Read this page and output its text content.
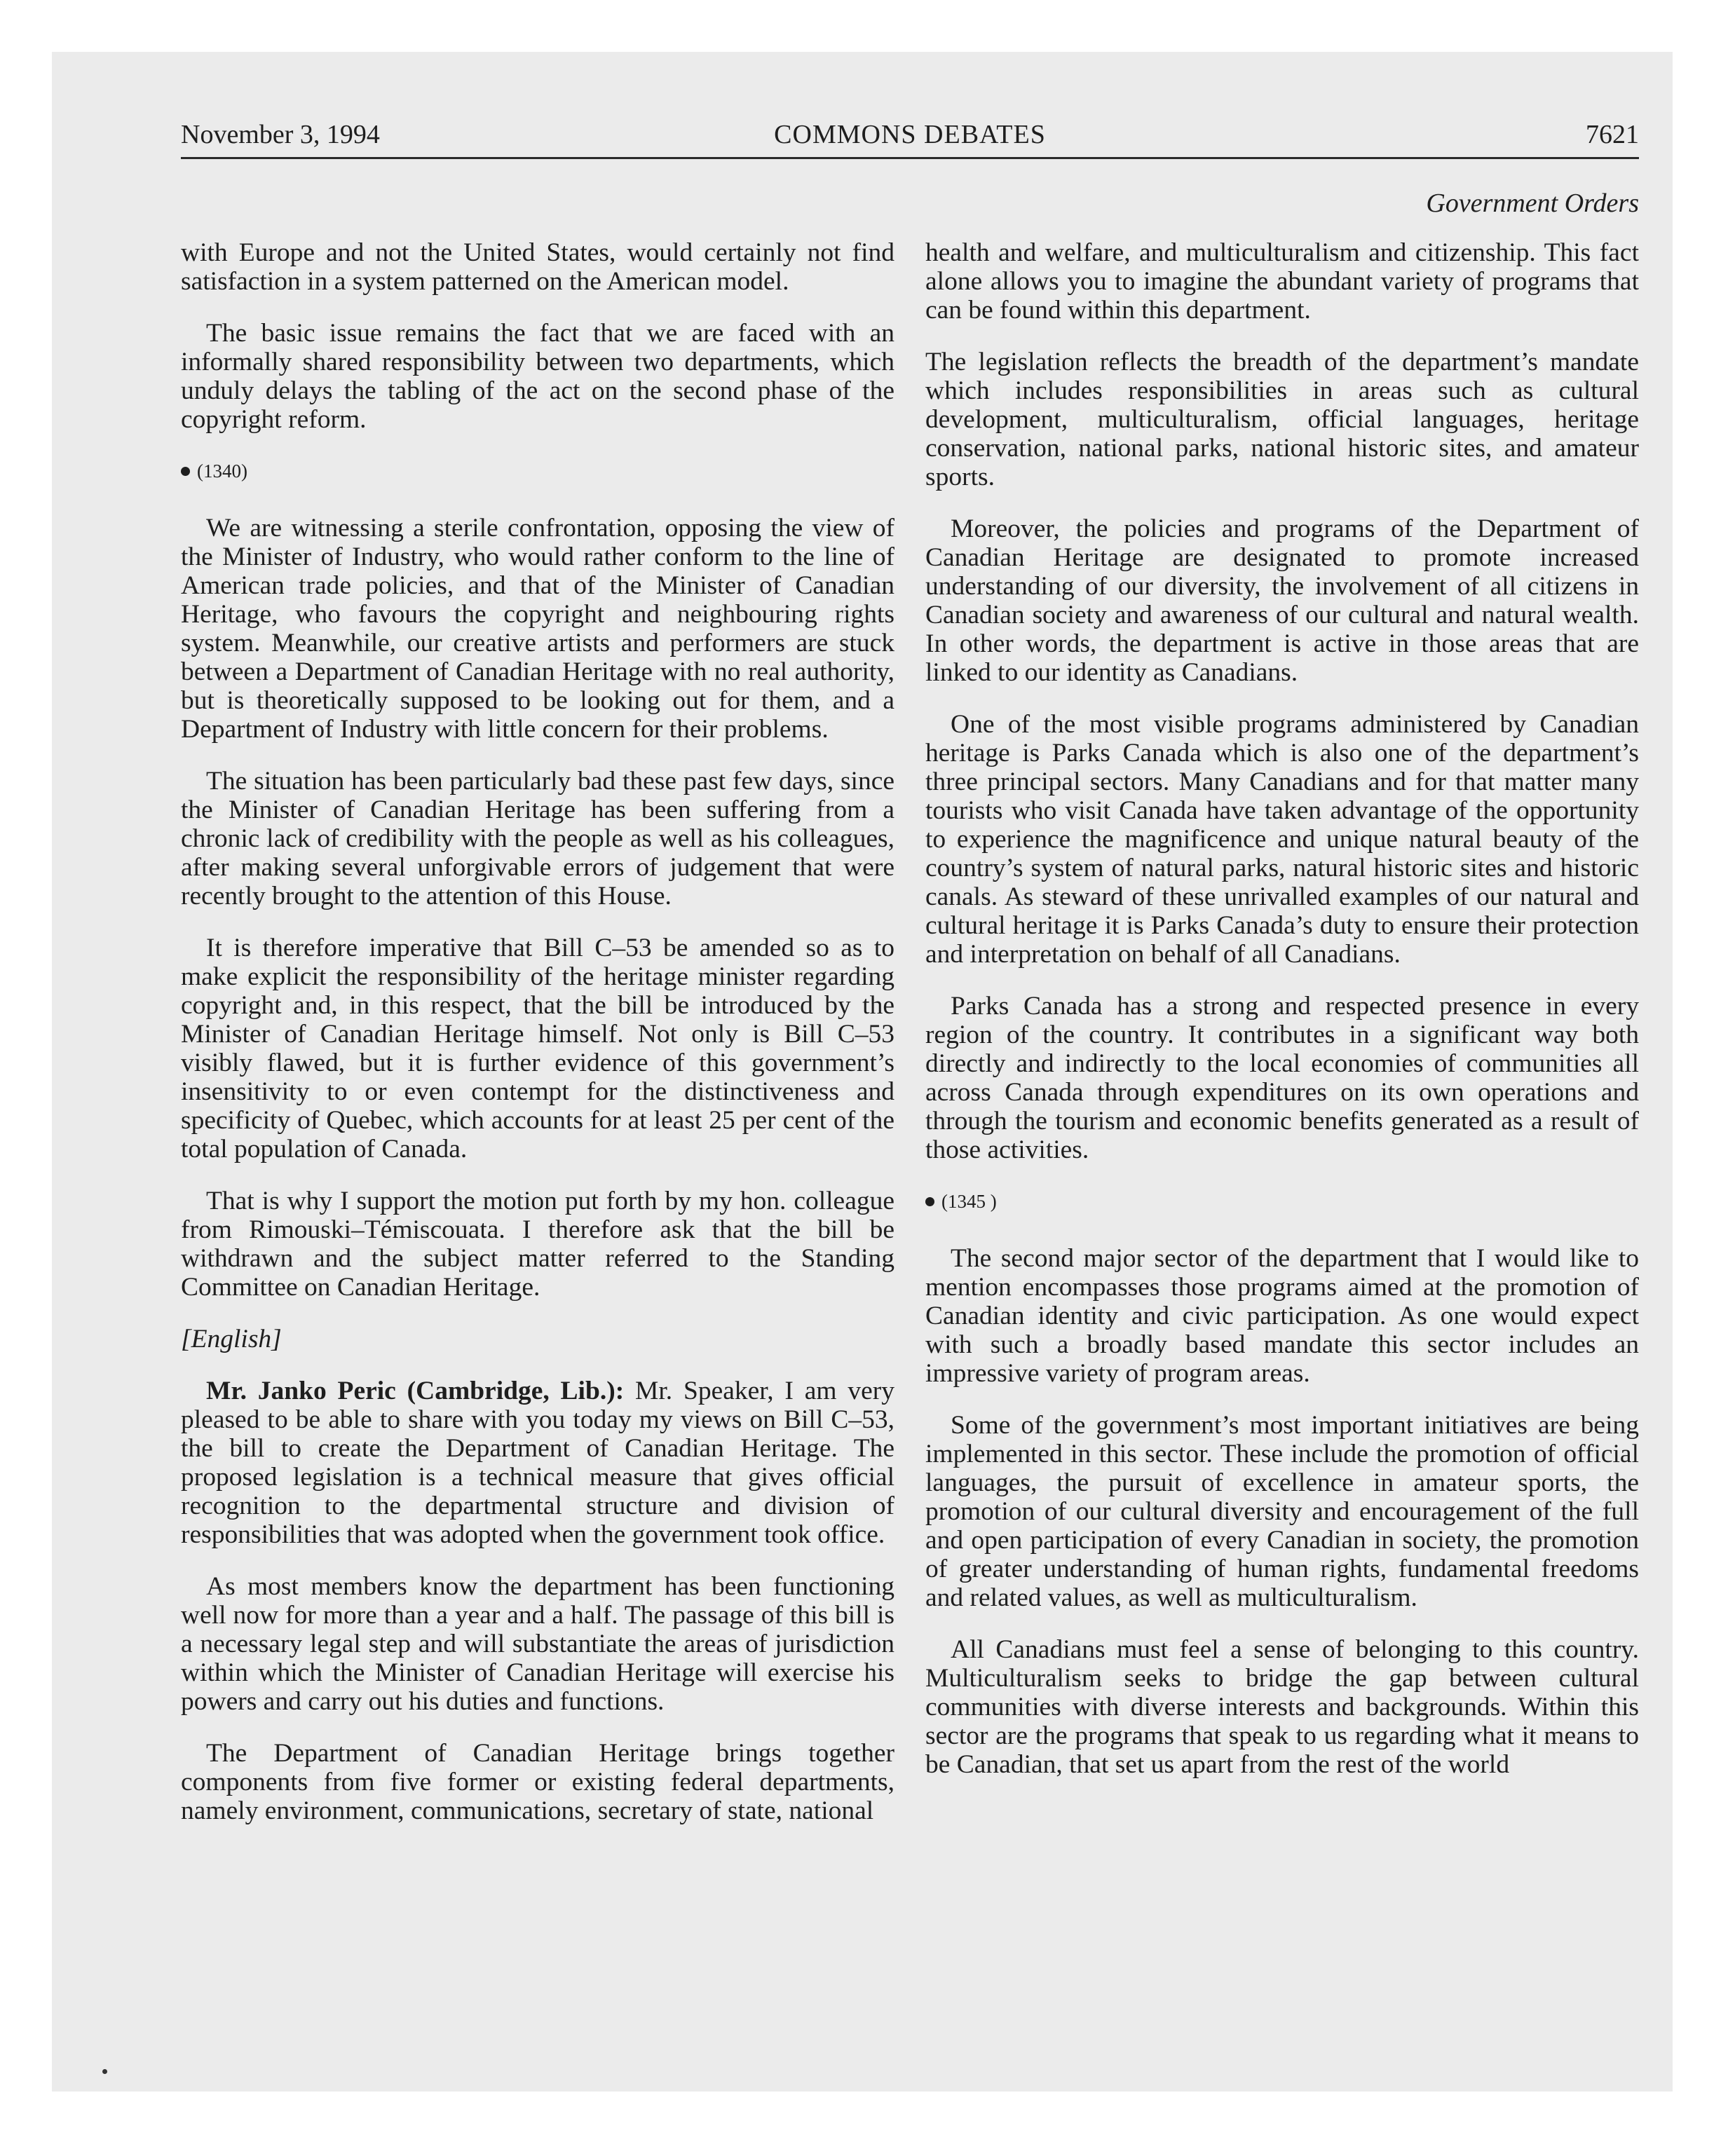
November 3, 1994	COMMONS DEBATES	7621
Government Orders

with Europe and not the United States, would certainly not find satisfaction in a system patterned on the American model.

The basic issue remains the fact that we are faced with an informally shared responsibility between two departments, which unduly delays the tabling of the act on the second phase of the copyright reform.

(1340)

We are witnessing a sterile confrontation, opposing the view of the Minister of Industry, who would rather conform to the line of American trade policies, and that of the Minister of Canadian Heritage, who favours the copyright and neighbouring rights system. Meanwhile, our creative artists and performers are stuck between a Department of Canadian Heritage with no real authority, but is theoretically supposed to be looking out for them, and a Department of Industry with little concern for their problems.

The situation has been particularly bad these past few days, since the Minister of Canadian Heritage has been suffering from a chronic lack of credibility with the people as well as his colleagues, after making several unforgivable errors of judgement that were recently brought to the attention of this House.

It is therefore imperative that Bill C–53 be amended so as to make explicit the responsibility of the heritage minister regarding copyright and, in this respect, that the bill be introduced by the Minister of Canadian Heritage himself. Not only is Bill C–53 visibly flawed, but it is further evidence of this government’s insensitivity to or even contempt for the distinctiveness and specificity of Quebec, which accounts for at least 25 per cent of the total population of Canada.

That is why I support the motion put forth by my hon. colleague from Rimouski–Témiscouata. I therefore ask that the bill be withdrawn and the subject matter referred to the Standing Committee on Canadian Heritage.

[English]

Mr. Janko Peric (Cambridge, Lib.): Mr. Speaker, I am very pleased to be able to share with you today my views on Bill C–53, the bill to create the Department of Canadian Heritage. The proposed legislation is a technical measure that gives official recognition to the departmental structure and division of responsibilities that was adopted when the government took office.

As most members know the department has been functioning well now for more than a year and a half. The passage of this bill is a necessary legal step and will substantiate the areas of jurisdiction within which the Minister of Canadian Heritage will exercise his powers and carry out his duties and functions.

The Department of Canadian Heritage brings together components from five former or existing federal departments, namely environment, communications, secretary of state, national

health and welfare, and multiculturalism and citizenship. This fact alone allows you to imagine the abundant variety of programs that can be found within this department.

The legislation reflects the breadth of the department’s mandate which includes responsibilities in areas such as cultural development, multiculturalism, official languages, heritage conservation, national parks, national historic sites, and amateur sports.

Moreover, the policies and programs of the Department of Canadian Heritage are designated to promote increased understanding of our diversity, the involvement of all citizens in Canadian society and awareness of our cultural and natural wealth. In other words, the department is active in those areas that are linked to our identity as Canadians.

One of the most visible programs administered by Canadian heritage is Parks Canada which is also one of the department’s three principal sectors. Many Canadians and for that matter many tourists who visit Canada have taken advantage of the opportunity to experience the magnificence and unique natural beauty of the country’s system of natural parks, natural historic sites and historic canals. As steward of these unrivalled examples of our natural and cultural heritage it is Parks Canada’s duty to ensure their protection and interpretation on behalf of all Canadians.

Parks Canada has a strong and respected presence in every region of the country. It contributes in a significant way both directly and indirectly to the local economies of communities all across Canada through expenditures on its own operations and through the tourism and economic benefits generated as a result of those activities.

(1345 )

The second major sector of the department that I would like to mention encompasses those programs aimed at the promotion of Canadian identity and civic participation. As one would expect with such a broadly based mandate this sector includes an impressive variety of program areas.

Some of the government’s most important initiatives are being implemented in this sector. These include the promotion of official languages, the pursuit of excellence in amateur sports, the promotion of our cultural diversity and encouragement of the full and open participation of every Canadian in society, the promotion of greater understanding of human rights, fundamental freedoms and related values, as well as multiculturalism.

All Canadians must feel a sense of belonging to this country. Multiculturalism seeks to bridge the gap between cultural communities with diverse interests and backgrounds. Within this sector are the programs that speak to us regarding what it means to be Canadian, that set us apart from the rest of the world
